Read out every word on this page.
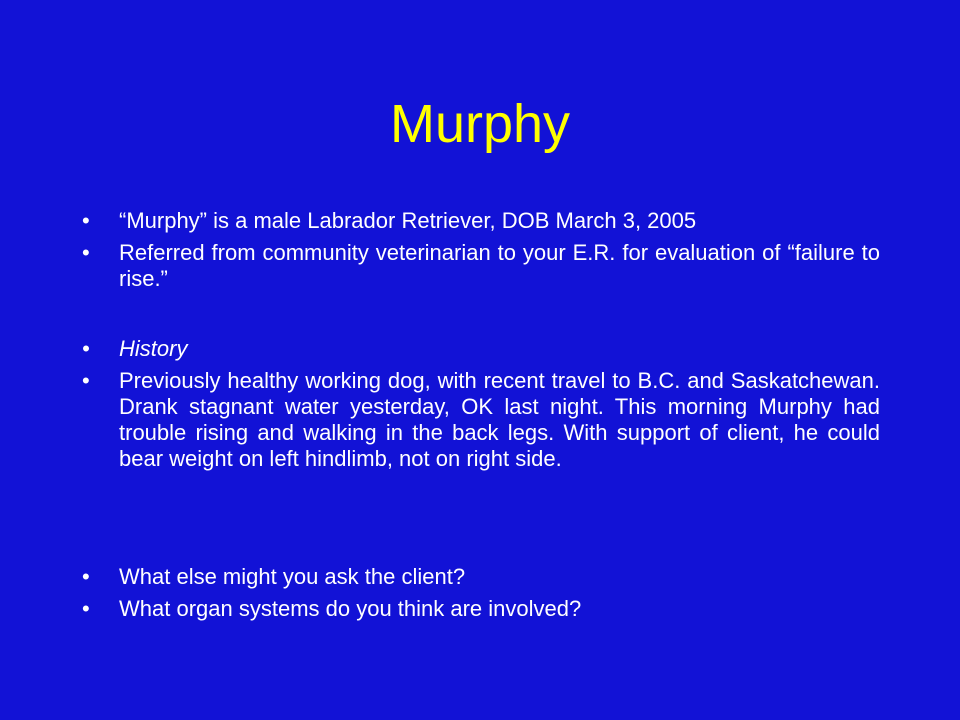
Murphy
• “Murphy” is a male Labrador Retriever, DOB March 3, 2005
• Referred from community veterinarian to your E.R. for evaluation of “failure to rise.”
• History
• Previously healthy working dog, with recent travel to B.C. and Saskatchewan. Drank stagnant water yesterday, OK last night. This morning Murphy had trouble rising and walking in the back legs. With support of client, he could bear weight on left hindlimb, not on right side.
• What else might you ask the client?
• What organ systems do you think are involved?
